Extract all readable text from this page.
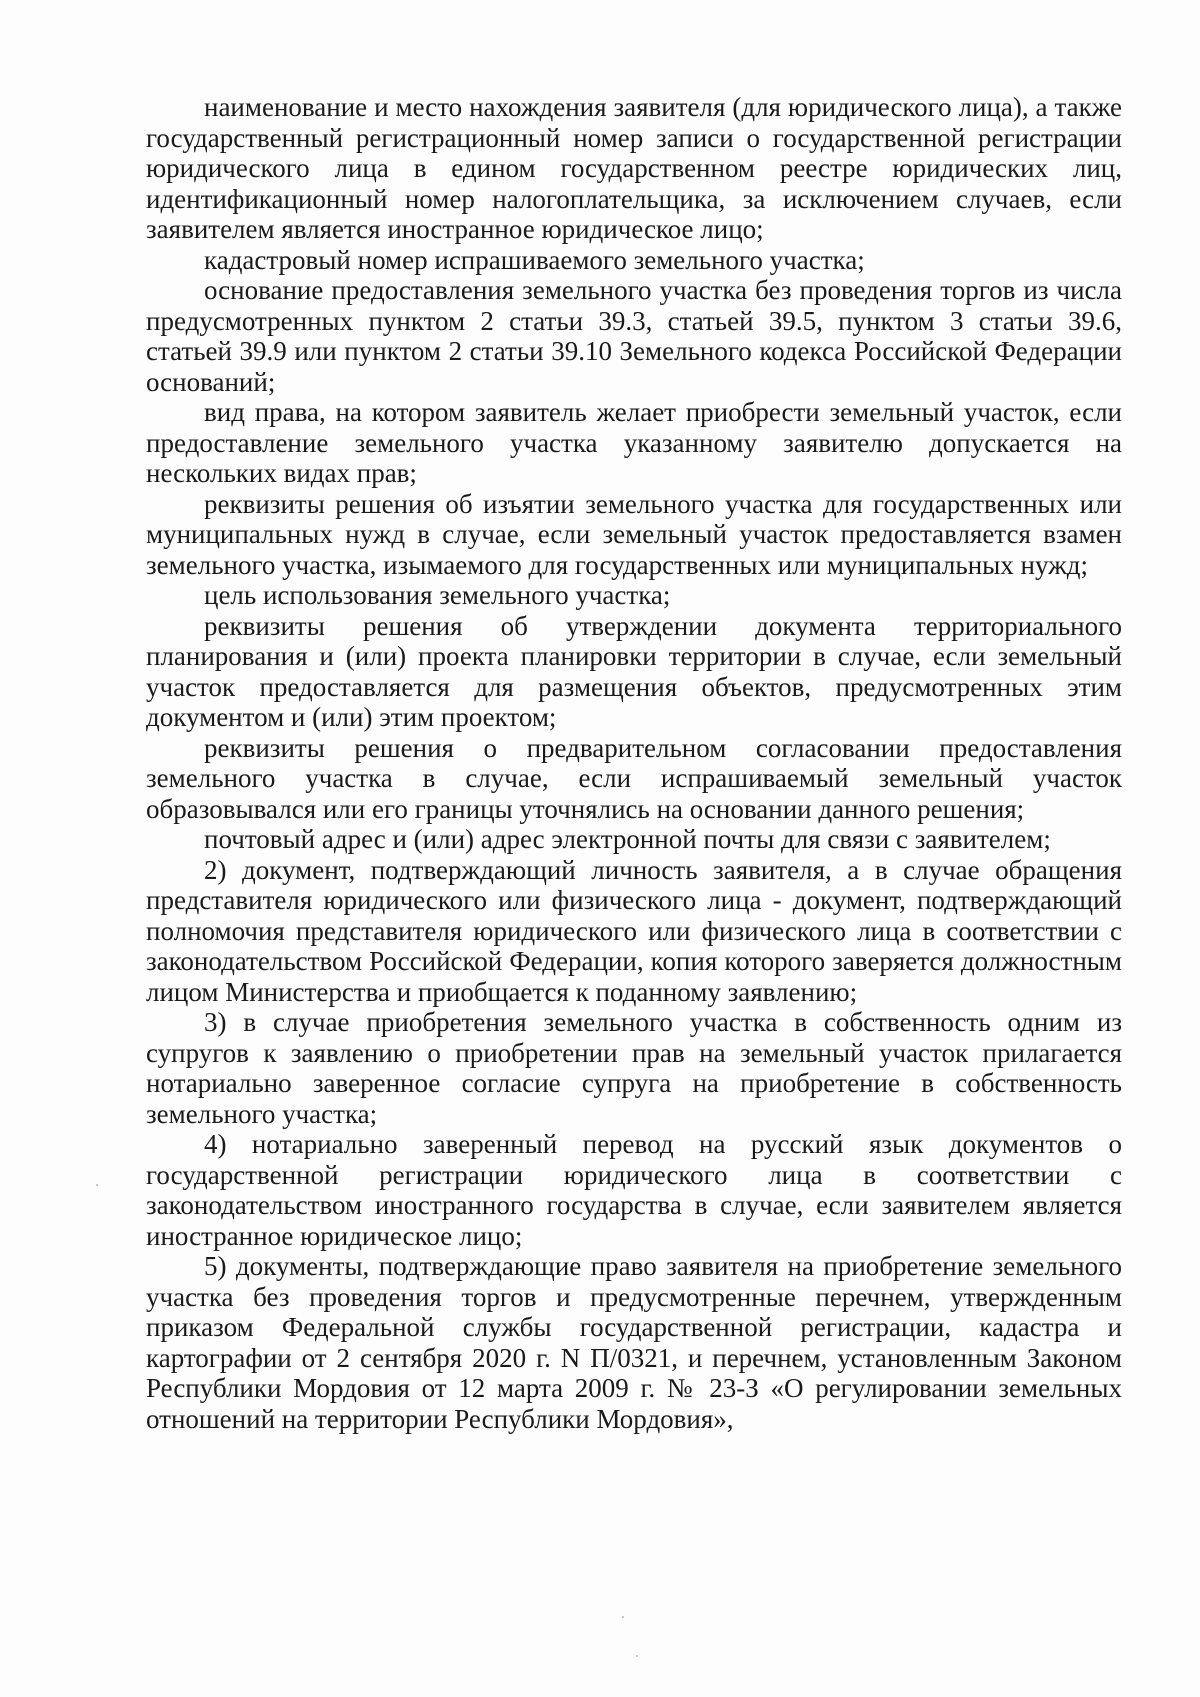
наименование и место нахождения заявителя (для юридического лица), а также государственный регистрационный номер записи о государственной регистрации юридического лица в едином государственном реестре юридических лиц, идентификационный номер налогоплательщика, за исключением случаев, если заявителем является иностранное юридическое лицо;

кадастровый номер испрашиваемого земельного участка;

основание предоставления земельного участка без проведения торгов из числа предусмотренных пунктом 2 статьи 39.3, статьей 39.5, пунктом 3 статьи 39.6, статьей 39.9 или пунктом 2 статьи 39.10 Земельного кодекса Российской Федерации оснований;

вид права, на котором заявитель желает приобрести земельный участок, если предоставление земельного участка указанному заявителю допускается на нескольких видах прав;

реквизиты решения об изъятии земельного участка для государственных или муниципальных нужд в случае, если земельный участок предоставляется взамен земельного участка, изымаемого для государственных или муниципальных нужд;

цель использования земельного участка;

реквизиты решения об утверждении документа территориального планирования и (или) проекта планировки территории в случае, если земельный участок предоставляется для размещения объектов, предусмотренных этим документом и (или) этим проектом;

реквизиты решения о предварительном согласовании предоставления земельного участка в случае, если испрашиваемый земельный участок образовывался или его границы уточнялись на основании данного решения;

почтовый адрес и (или) адрес электронной почты для связи с заявителем;

2) документ, подтверждающий личность заявителя, а в случае обращения представителя юридического или физического лица - документ, подтверждающий полномочия представителя юридического или физического лица в соответствии с законодательством Российской Федерации, копия которого заверяется должностным лицом Министерства и приобщается к поданному заявлению;

3) в случае приобретения земельного участка в собственность одним из супругов к заявлению о приобретении прав на земельный участок прилагается нотариально заверенное согласие супруга на приобретение в собственность земельного участка;

4) нотариально заверенный перевод на русский язык документов о государственной регистрации юридического лица в соответствии с законодательством иностранного государства в случае, если заявителем является иностранное юридическое лицо;

5) документы, подтверждающие право заявителя на приобретение земельного участка без проведения торгов и предусмотренные перечнем, утвержденным приказом Федеральной службы государственной регистрации, кадастра и картографии от 2 сентября 2020 г. N П/0321, и перечнем, установленным Законом Республики Мордовия от 12 марта 2009 г. № 23-З «О регулировании земельных отношений на территории Республики Мордовия»,
